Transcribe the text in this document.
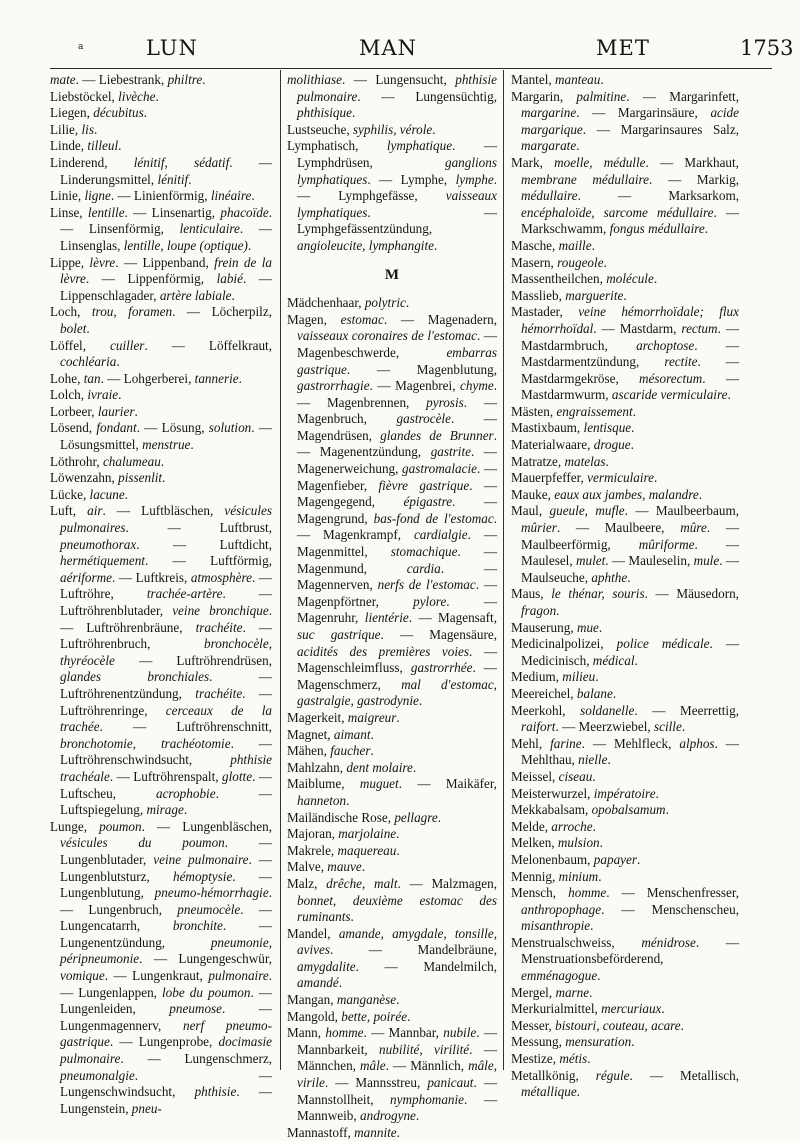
a	LUN	MAN	MET	1753

mate. — Liebestrank, philtre.

Liebstöckel, livèche.

Liegen, décubitus.

Lilie, lis.

Linde, tilleul.

Linderend, lénitif, sédatif. — Linderungsmittel, lénitif.

Linie, ligne. — Linienförmig, linéaire.

Linse, lentille. — Linsenartig, phacoïde. — Linsenförmig, lenticulaire. — Linsenglas, lentille, loupe (optique).

Lippe, lèvre. — Lippenband, frein de la lèvre. — Lippenförmig, labié. — Lippenschlagader, artère labiale.

Loch, trou, foramen. — Löcherpilz, bolet.

Löffel, cuiller. — Löffelkraut, cochléaria.

Lohe, tan. — Lohgerberei, tannerie.

Lolch, ivraie.

Lorbeer, laurier.

Lösend, fondant. — Lösung, solution. — Lösungsmittel, menstrue.

Löthrohr, chalumeau.

Löwenzahn, pissenlit.

Lücke, lacune.

Luft, air. — Luftbläschen, vésicules pulmonaires. — Luftbrust, pneumothorax. — Luftdicht, hermétiquement. — Luftförmig, aériforme. — Luftkreis, atmosphère. — Luftröhre, trachée-artère. — Luftröhrenblutader, veine bronchique. — Luftröhrenbräune, trachéite. — Luftröhrenbruch, bronchocèle, thyréocèle — Luftröhrendrüsen, glandes bronchiales. — Luftröhrenentzündung, trachéite. — Luftröhrenringe, cerceaux de la trachée. — Luftröhrenschnitt, bronchotomie, trachéotomie. — Luftröhrenschwindsucht, phthisie trachéale. — Luftröhrenspalt, glotte. — Luftscheu, acrophobie. — Luftspiegelung, mirage.

Lunge, poumon. — Lungenbläschen, vésicules du poumon. — Lungenblutader, veine pulmonaire. — Lungenblutsturz, hémoptysie. — Lungenblutung, pneumo-hémorrhagie. — Lungenbruch, pneumocèle. — Lungencatarrh, bronchite. — Lungenentzündung, pneumonie, péripneumonie. — Lungengeschwür, vomique. — Lungenkraut, pulmonaire. — Lungenlappen, lobe du poumon. — Lungenleiden, pneumose. — Lungenmagennerv, nerf pneumo-gastrique. — Lungenprobe, docimasie pulmonaire. — Lungenschmerz, pneumonalgie. — Lungenschwindsucht, phthisie. — Lungenstein, pneu-

molithiase. — Lungensucht, phthisie pulmonaire. — Lungensüchtig, phthisique.

Lustseuche, syphilis, vérole.

Lymphatisch, lymphatique. — Lymphdrüsen, ganglions lymphatiques. — Lymphe, lymphe. — Lymphgefässe, vaisseaux lymphatiques. — Lymphgefässentzündung, angioleucite, lymphangite.

M

Mädchenhaar, polytric.

Magen, estomac. — Magenadern, vaisseaux coronaires de l'estomac. — Magenbeschwerde, embarras gastrique. — Magenblutung, gastrorrhagie. — Magenbrei, chyme. — Magenbrennen, pyrosis. — Magenbruch, gastrocèle. — Magendrüsen, glandes de Brunner. — Magenentzündung, gastrite. — Magenerweichung, gastromalacie. — Magenfieber, fièvre gastrique. — Magengegend, épigastre. — Magengrund, bas-fond de l'estomac. — Magenkrampf, cardialgie. — Magenmittel, stomachique. — Magenmund, cardia. — Magennerven, nerfs de l'estomac. — Magenpförtner, pylore. — Magenruhr, lientérie. — Magensaft, suc gastrique. — Magensäure, acidités des premières voies. — Magenschleimfluss, gastrorrhée. — Magenschmerz, mal d'estomac, gastralgie, gastrodynie.

Magerkeit, maigreur.

Magnet, aimant.

Mähen, faucher.

Mahlzahn, dent molaire.

Maiblume, muguet. — Maikäfer, hanneton.

Mailändische Rose, pellagre.

Majoran, marjolaine.

Makrele, maquereau.

Malve, mauve.

Malz, drêche, malt. — Malzmagen, bonnet, deuxième estomac des ruminants.

Mandel, amande, amygdale, tonsille, avives. — Mandelbräune, amygdalite. — Mandelmilch, amandé.

Mangan, manganèse.

Mangold, bette, poirée.

Mann, homme. — Mannbar, nubile. — Mannbarkeit, nubilité, virilité. — Männchen, mâle. — Männlich, mâle, virile. — Mannsstreu, panicaut. — Mannstollheit, nymphomanie. — Mannweib, androgyne.

Mannastoff, mannite.

Mantel, manteau.

Margarin, palmitine. — Margarinfett, margarine. — Margarinsäure, acide margarique. — Margarinsaures Salz, margarate.

Mark, moelle, médulle. — Markhaut, membrane médullaire. — Markig, médullaire. — Marksarkom, encéphaloïde, sarcome médullaire. — Markschwamm, fongus médullaire.

Masche, maille.

Masern, rougeole.

Massentheilchen, molécule.

Masslieb, marguerite.

Mastader, veine hémorrhoïdale; flux hémorrhoïdal. — Mastdarm, rectum. — Mastdarmbruch, archoptose. — Mastdarmentzündung, rectite. — Mastdarmgekröse, mésorectum. — Mastdarmwurm, ascaride vermiculaire.

Mästen, engraissement.

Mastixbaum, lentisque.

Materialwaare, drogue.

Matratze, matelas.

Mauerpfeffer, vermiculaire.

Mauke, eaux aux jambes, malandre.

Maul, gueule, mufle. — Maulbeerbaum, mûrier. — Maulbeere, mûre. — Maulbeerförmig, mûriforme. — Maulesel, mulet. — Mauleselin, mule. — Maulseuche, aphthe.

Maus, le thénar, souris. — Mäusedorn, fragon.

Mauserung, mue.

Medicinalpolizei, police médicale. — Medicinisch, médical.

Medium, milieu.

Meereichel, balane.

Meerkohl, soldanelle. — Meerrettig, raifort. — Meerzwiebel, scille.

Mehl, farine. — Mehlfleck, alphos. — Mehlthau, nielle.

Meissel, ciseau.

Meisterwurzel, impératoire.

Mekkabalsam, opobalsamum.

Melde, arroche.

Melken, mulsion.

Melonenbaum, papayer.

Mennig, minium.

Mensch, homme. — Menschenfresser, anthropophage. — Menschenscheu, misanthropie.

Menstrualschweiss, ménidrose. — Menstruationsbeförderend, emménagogue.

Mergel, marne.

Merkurialmittel, mercuriaux.

Messer, bistouri, couteau, acare.

Messung, mensuration.

Mestize, métis.

Metallkönig, régule. — Metallisch, métallique.
